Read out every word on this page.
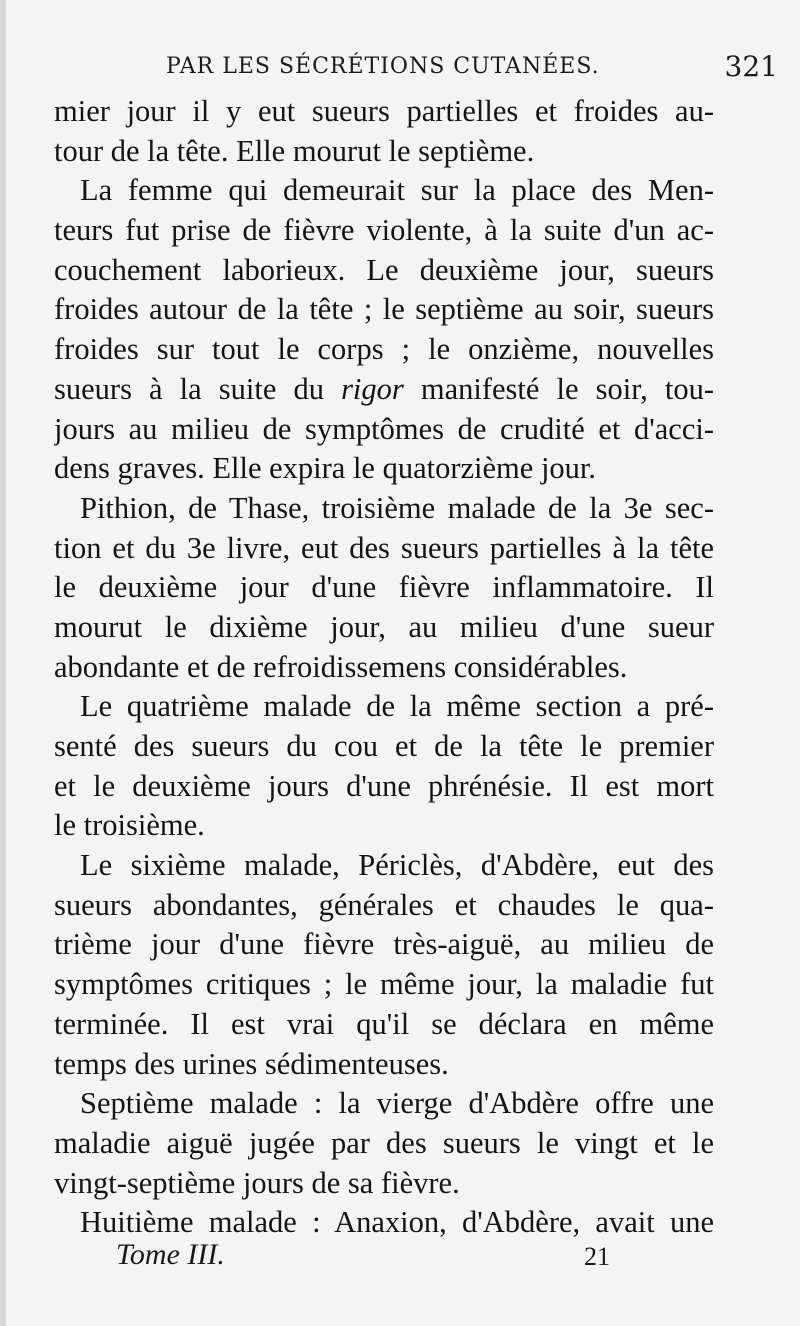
PAR LES SÉCRÉTIONS CUTANÉES.	321
mier jour il y eut sueurs partielles et froides au-
tour de la tête. Elle mourut le septième.
La femme qui demeurait sur la place des Men-
teurs fut prise de fièvre violente, à la suite d'un ac-
couchement laborieux. Le deuxième jour, sueurs
froides autour de la tête ; le septième au soir, sueurs
froides sur tout le corps ; le onzième, nouvelles
sueurs à la suite du rigor manifesté le soir, tou-
jours au milieu de symptômes de crudité et d'acci-
dens graves. Elle expira le quatorzième jour.
Pithion, de Thase, troisième malade de la 3e sec-
tion et du 3e livre, eut des sueurs partielles à la tête
le deuxième jour d'une fièvre inflammatoire. Il
mourut le dixième jour, au milieu d'une sueur
abondante et de refroidissemens considérables.
Le quatrième malade de la même section a pré-
senté des sueurs du cou et de la tête le premier
et le deuxième jours d'une phrénésie. Il est mort
le troisième.
Le sixième malade, Périclès, d'Abdère, eut des
sueurs abondantes, générales et chaudes le qua-
trième jour d'une fièvre très-aiguë, au milieu de
symptômes critiques ; le même jour, la maladie fut
terminée. Il est vrai qu'il se déclara en même
temps des urines sédimenteuses.
Septième malade : la vierge d'Abdère offre une
maladie aiguë jugée par des sueurs le vingt et le
vingt-septième jours de sa fièvre.
Huitième malade : Anaxion, d'Abdère, avait une
Tome III.	21
